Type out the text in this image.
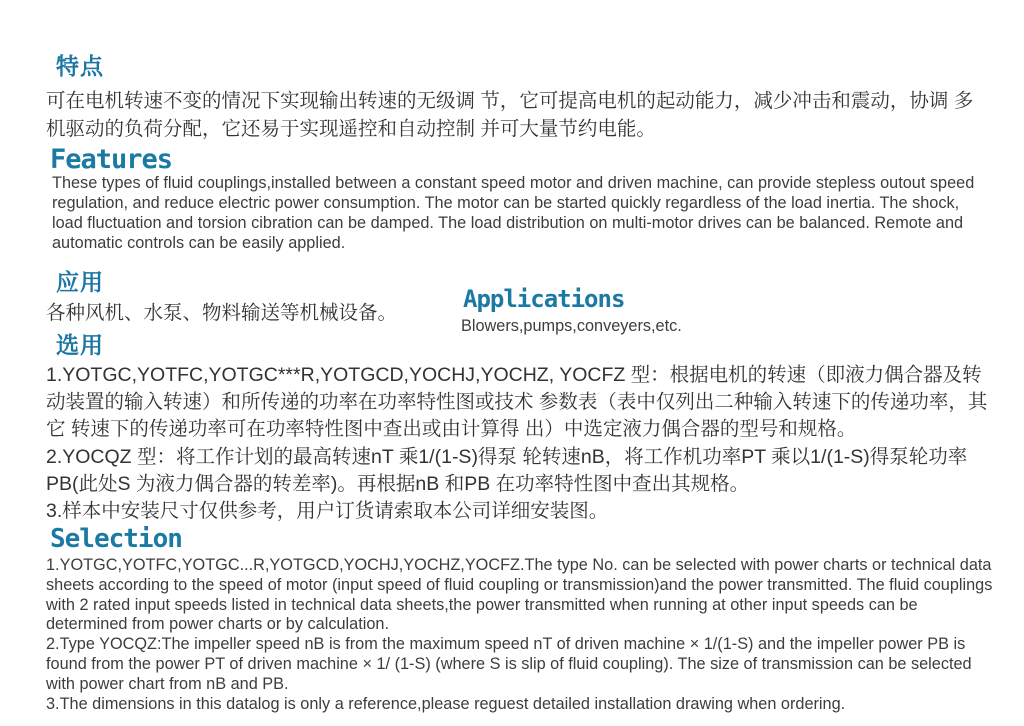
特点

可在电机转速不变的情况下实现输出转速的无级调 节，它可提高电机的起动能力，减少冲击和震动，协调 多机驱动的负荷分配，它还易于实现遥控和自动控制 并可大量节约电能。

Features

These types of fluid couplings,installed between a constant speed motor and driven machine, can provide stepless outout speed regulation, and reduce electric power consumption. The motor can be started quickly regardless of the load inertia. The shock, load fluctuation and torsion cibration can be damped. The load distribution on multi-motor drives can be balanced. Remote and automatic controls can be easily applied.

应用

各种风机、水泵、物料输送等机械设备。	Applications

Blowers,pumps,conveyers,etc.

选用

1.YOTGC,YOTFC,YOTGC***R,YOTGCD,YOCHJ,YOCHZ, YOCFZ 型：根据电机的转速（即液力偶合器及转动装置的输入转速）和所传递的功率在功率特性图或技术 参数表（表中仅列出二种输入转速下的传递功率，其它 转速下的传递功率可在功率特性图中查出或由计算得 出）中选定液力偶合器的型号和规格。

2.YOCQZ 型：将工作计划的最高转速nT 乘1/(1-S)得泵 轮转速nB，将工作机功率PT 乘以1/(1-S)得泵轮功率PB(此处S 为液力偶合器的转差率)。再根据nB 和PB 在功率特性图中查出其规格。

3.样本中安装尺寸仅供参考，用户订货请索取本公司详细安装图。

Selection

1.YOTGC,YOTFC,YOTGC...R,YOTGCD,YOCHJ,YOCHZ,YOCFZ.The type No. can be selected with power charts or technical data sheets according to the speed of motor (input speed of fluid coupling or transmission)and the power transmitted. The fluid couplings with 2 rated input speeds listed in technical data sheets,the power transmitted when running at other input speeds can be determined from power charts or by calculation.

2.Type YOCQZ:The impeller speed nB is from the maximum speed nT of driven machine × 1/(1-S) and the impeller power PB is found from the power PT of driven machine × 1/ (1-S) (where S is slip of fluid coupling). The size of transmission can be selected with power chart from nB and PB.

3.The dimensions in this datalog is only a reference,please reguest detailed installation drawing when ordering.
